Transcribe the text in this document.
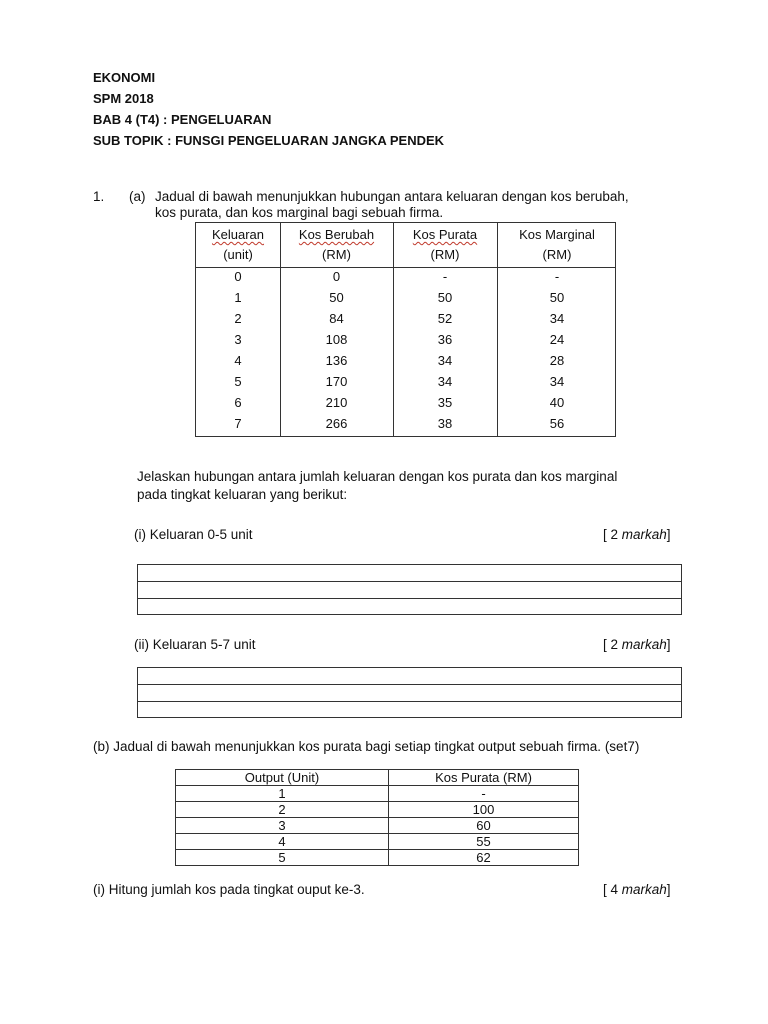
EKONOMI
SPM 2018
BAB 4 (T4) : PENGELUARAN
SUB TOPIK : FUNSGI PENGELUARAN JANGKA PENDEK
1. (a) Jadual di bawah menunjukkan hubungan antara keluaran dengan kos berubah,
kos purata, dan kos marginal bagi sebuah firma.
Keluaran	Kos Berubah	Kos Purata	Kos Marginal
(unit)	(RM)	(RM)	(RM)
0	0	-	-
1	50	50	50
2	84	52	34
3	108	36	24
4	136	34	28
5	170	34	34
6	210	35	40
7	266	38	56
Jelaskan hubungan antara jumlah keluaran dengan kos purata dan kos marginal
pada tingkat keluaran yang berikut:
(i) Keluaran 0-5 unit	[ 2 markah]
(ii) Keluaran 5-7 unit	[ 2 markah]
(b) Jadual di bawah menunjukkan kos purata bagi setiap tingkat output sebuah firma. (set7)
Output (Unit)	Kos Purata (RM)
1	-
2	100
3	60
4	55
5	62
(i) Hitung jumlah kos pada tingkat ouput ke-3.	[ 4 markah]
